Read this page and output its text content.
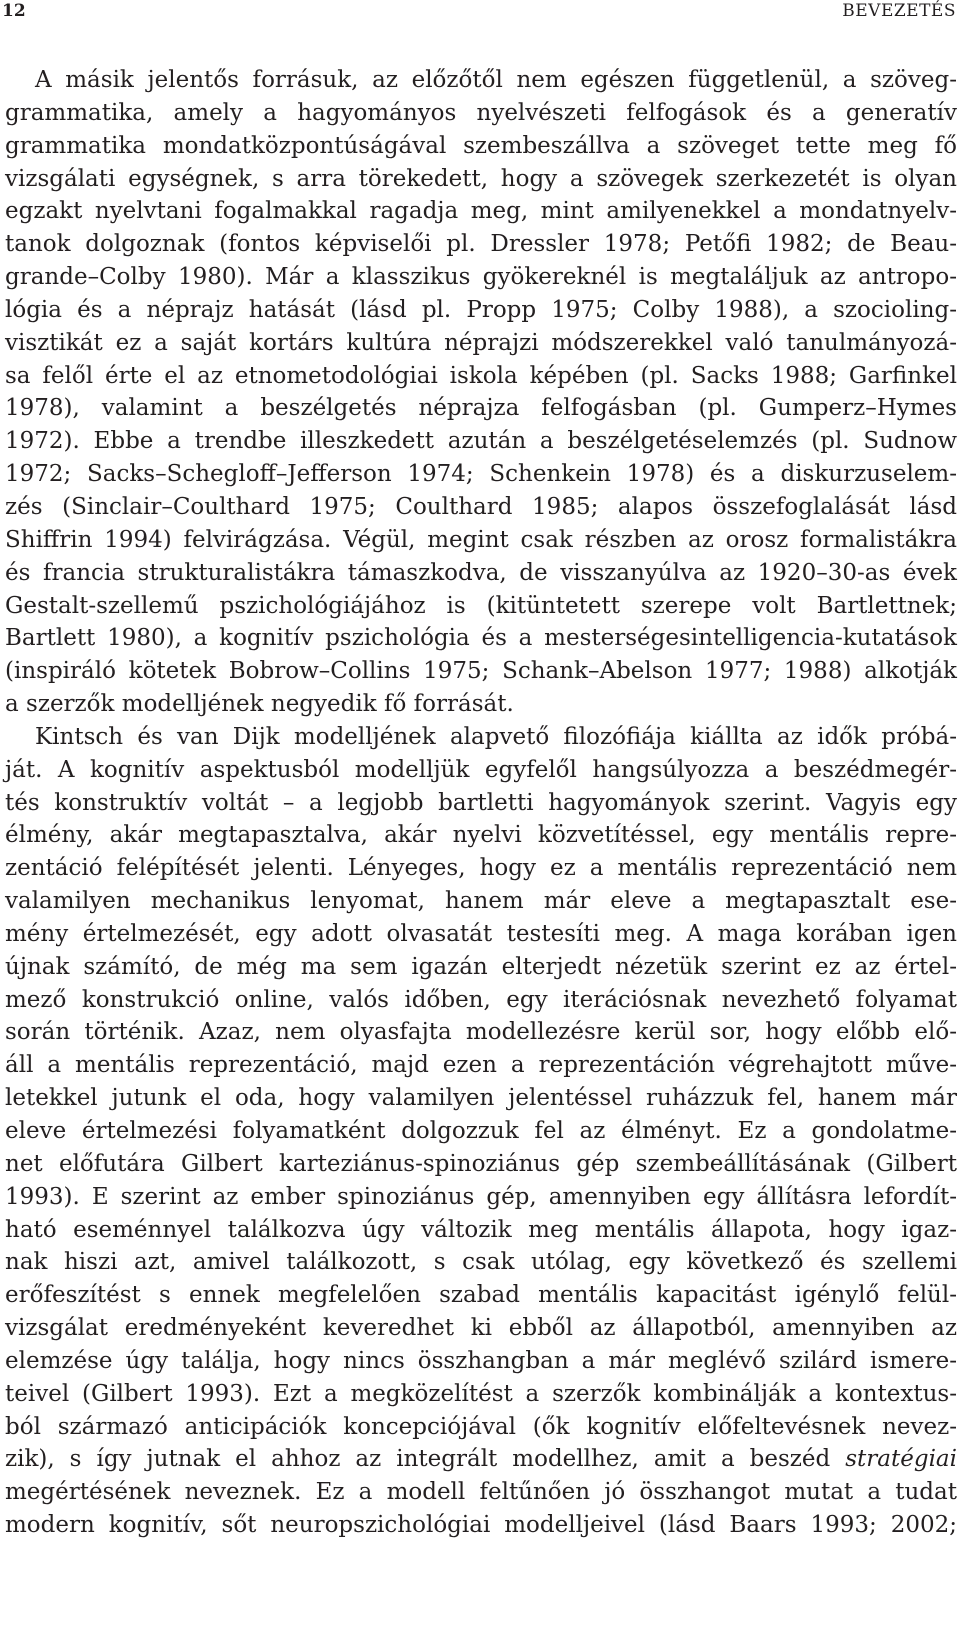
12	BEVEZETÉS

A másik jelentős forrásuk, az előzőtől nem egészen függetlenül, a szöveg-
grammatika, amely a hagyományos nyelvészeti felfogások és a generatív
grammatika mondatközpontúságával szembeszállva a szöveget tette meg fő
vizsgálati egységnek, s arra törekedett, hogy a szövegek szerkezetét is olyan
egzakt nyelvtani fogalmakkal ragadja meg, mint amilyenekkel a mondatnyelv-
tanok dolgoznak (fontos képviselői pl. Dressler 1978; Petőfi 1982; de Beau-
grande–Colby 1980). Már a klasszikus gyökereknél is megtaláljuk az antropo-
lógia és a néprajz hatását (lásd pl. Propp 1975; Colby 1988), a szocioling-
visztikát ez a saját kortárs kultúra néprajzi módszerekkel való tanulmányozá-
sa felől érte el az etnometodológiai iskola képében (pl. Sacks 1988; Garfinkel
1978), valamint a beszélgetés néprajza felfogásban (pl. Gumperz–Hymes
1972). Ebbe a trendbe illeszkedett azután a beszélgetéselemzés (pl. Sudnow
1972; Sacks–Schegloff–Jefferson 1974; Schenkein 1978) és a diskurzuselem-
zés (Sinclair–Coulthard 1975; Coulthard 1985; alapos összefoglalását lásd
Shiffrin 1994) felvirágzása. Végül, megint csak részben az orosz formalistákra
és francia strukturalistákra támaszkodva, de visszanyúlva az 1920–30-as évek
Gestalt-szellemű pszichológiájához is (kitüntetett szerepe volt Bartlettnek;
Bartlett 1980), a kognitív pszichológia és a mesterségesintelligencia-kutatások
(inspiráló kötetek Bobrow–Collins 1975; Schank–Abelson 1977; 1988) alkotják
a szerzők modelljének negyedik fő forrását.

Kintsch és van Dijk modelljének alapvető filozófiája kiállta az idők próbá-
ját. A kognitív aspektusból modelljük egyfelől hangsúlyozza a beszédmegér-
tés konstruktív voltát – a legjobb bartletti hagyományok szerint. Vagyis egy
élmény, akár megtapasztalva, akár nyelvi közvetítéssel, egy mentális repre-
zentáció felépítését jelenti. Lényeges, hogy ez a mentális reprezentáció nem
valamilyen mechanikus lenyomat, hanem már eleve a megtapasztalt ese-
mény értelmezését, egy adott olvasatát testesíti meg. A maga korában igen
újnak számító, de még ma sem igazán elterjedt nézetük szerint ez az értel-
mező konstrukció online, valós időben, egy iterációsnak nevezhető folyamat
során történik. Azaz, nem olyasfajta modellezésre kerül sor, hogy előbb elő-
áll a mentális reprezentáció, majd ezen a reprezentáción végrehajtott műve-
letekkel jutunk el oda, hogy valamilyen jelentéssel ruházzuk fel, hanem már
eleve értelmezési folyamatként dolgozzuk fel az élményt. Ez a gondolatme-
net előfutára Gilbert karteziánus-spinoziánus gép szembeállításának (Gilbert
1993). E szerint az ember spinoziánus gép, amennyiben egy állításra lefordít-
ható eseménnyel találkozva úgy változik meg mentális állapota, hogy igaz-
nak hiszi azt, amivel találkozott, s csak utólag, egy következő és szellemi
erőfeszítést s ennek megfelelően szabad mentális kapacitást igénylő felül-
vizsgálat eredményeként keveredhet ki ebből az állapotból, amennyiben az
elemzése úgy találja, hogy nincs összhangban a már meglévő szilárd ismere-
teivel (Gilbert 1993). Ezt a megközelítést a szerzők kombinálják a kontextus-
ból származó anticipációk koncepciójával (ők kognitív előfeltevésnek nevez-
zik), s így jutnak el ahhoz az integrált modellhez, amit a beszéd stratégiai
megértésének neveznek. Ez a modell feltűnően jó összhangot mutat a tudat
modern kognitív, sőt neuropszichológiai modelljeivel (lásd Baars 1993; 2002;
